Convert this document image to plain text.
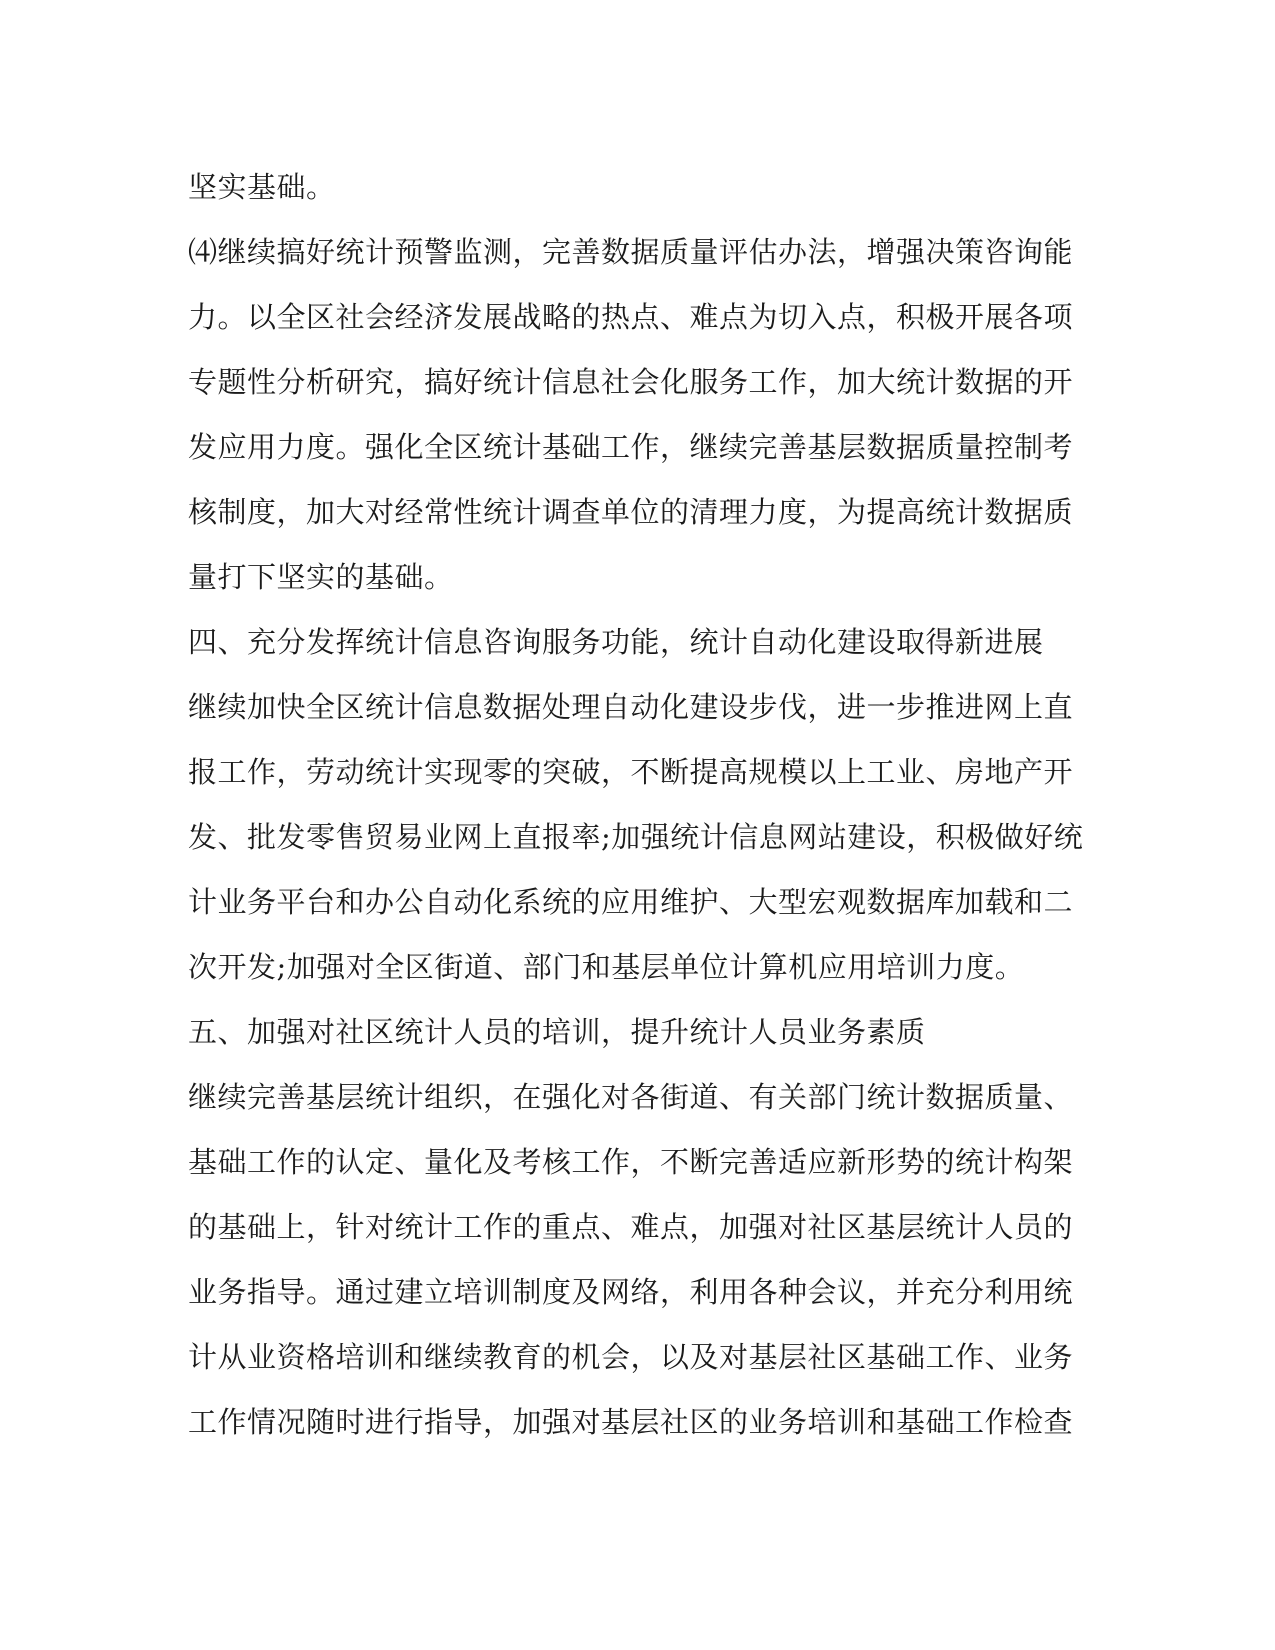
坚实基础。
⑷继续搞好统计预警监测，完善数据质量评估办法，增强决策咨询能
力。以全区社会经济发展战略的热点、难点为切入点，积极开展各项
专题性分析研究，搞好统计信息社会化服务工作，加大统计数据的开
发应用力度。强化全区统计基础工作，继续完善基层数据质量控制考
核制度，加大对经常性统计调查单位的清理力度，为提高统计数据质
量打下坚实的基础。
四、充分发挥统计信息咨询服务功能，统计自动化建设取得新进展
继续加快全区统计信息数据处理自动化建设步伐，进一步推进网上直
报工作，劳动统计实现零的突破，不断提高规模以上工业、房地产开
发、批发零售贸易业网上直报率;加强统计信息网站建设，积极做好统
计业务平台和办公自动化系统的应用维护、大型宏观数据库加载和二
次开发;加强对全区街道、部门和基层单位计算机应用培训力度。
五、加强对社区统计人员的培训，提升统计人员业务素质
继续完善基层统计组织，在强化对各街道、有关部门统计数据质量、
基础工作的认定、量化及考核工作，不断完善适应新形势的统计构架
的基础上，针对统计工作的重点、难点，加强对社区基层统计人员的
业务指导。通过建立培训制度及网络，利用各种会议，并充分利用统
计从业资格培训和继续教育的机会，以及对基层社区基础工作、业务
工作情况随时进行指导，加强对基层社区的业务培训和基础工作检查
